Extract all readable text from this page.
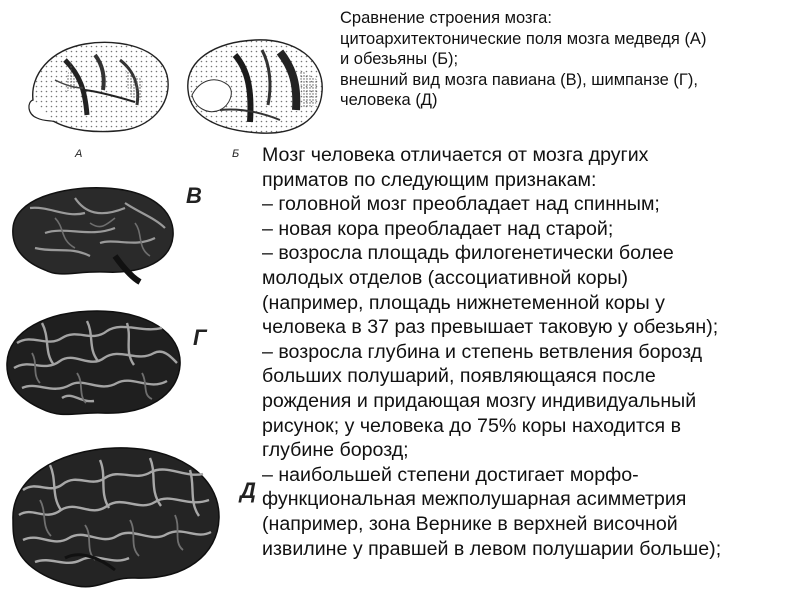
Сравнение строения мозга:
цитоархитектонические поля мозга медведя (А)
и обезьяны (Б);
внешний вид мозга павиана (В), шимпанзе (Г),
человека (Д)
Мозг человека отличается от мозга других
приматов по следующим признакам:
– головной мозг преобладает над спинным;
– новая кора преобладает над старой;
– возросла площадь филогенетически более
молодых отделов (ассоциативной коры)
(например, площадь нижнетеменной коры у
человека в 37 раз превышает таковую у обезьян);
– возросла глубина и степень ветвления борозд
больших полушарий, появляющаяся после
рождения и придающая мозгу индивидуальный
рисунок; у человека до 75% коры находится в
глубине борозд;
– наибольшей степени достигает морфо-
функциональная межполушарная асимметрия
(например, зона Вернике в верхней височной
извилине у правшей в левом полушарии больше);
А	Б
В
Г
Д
